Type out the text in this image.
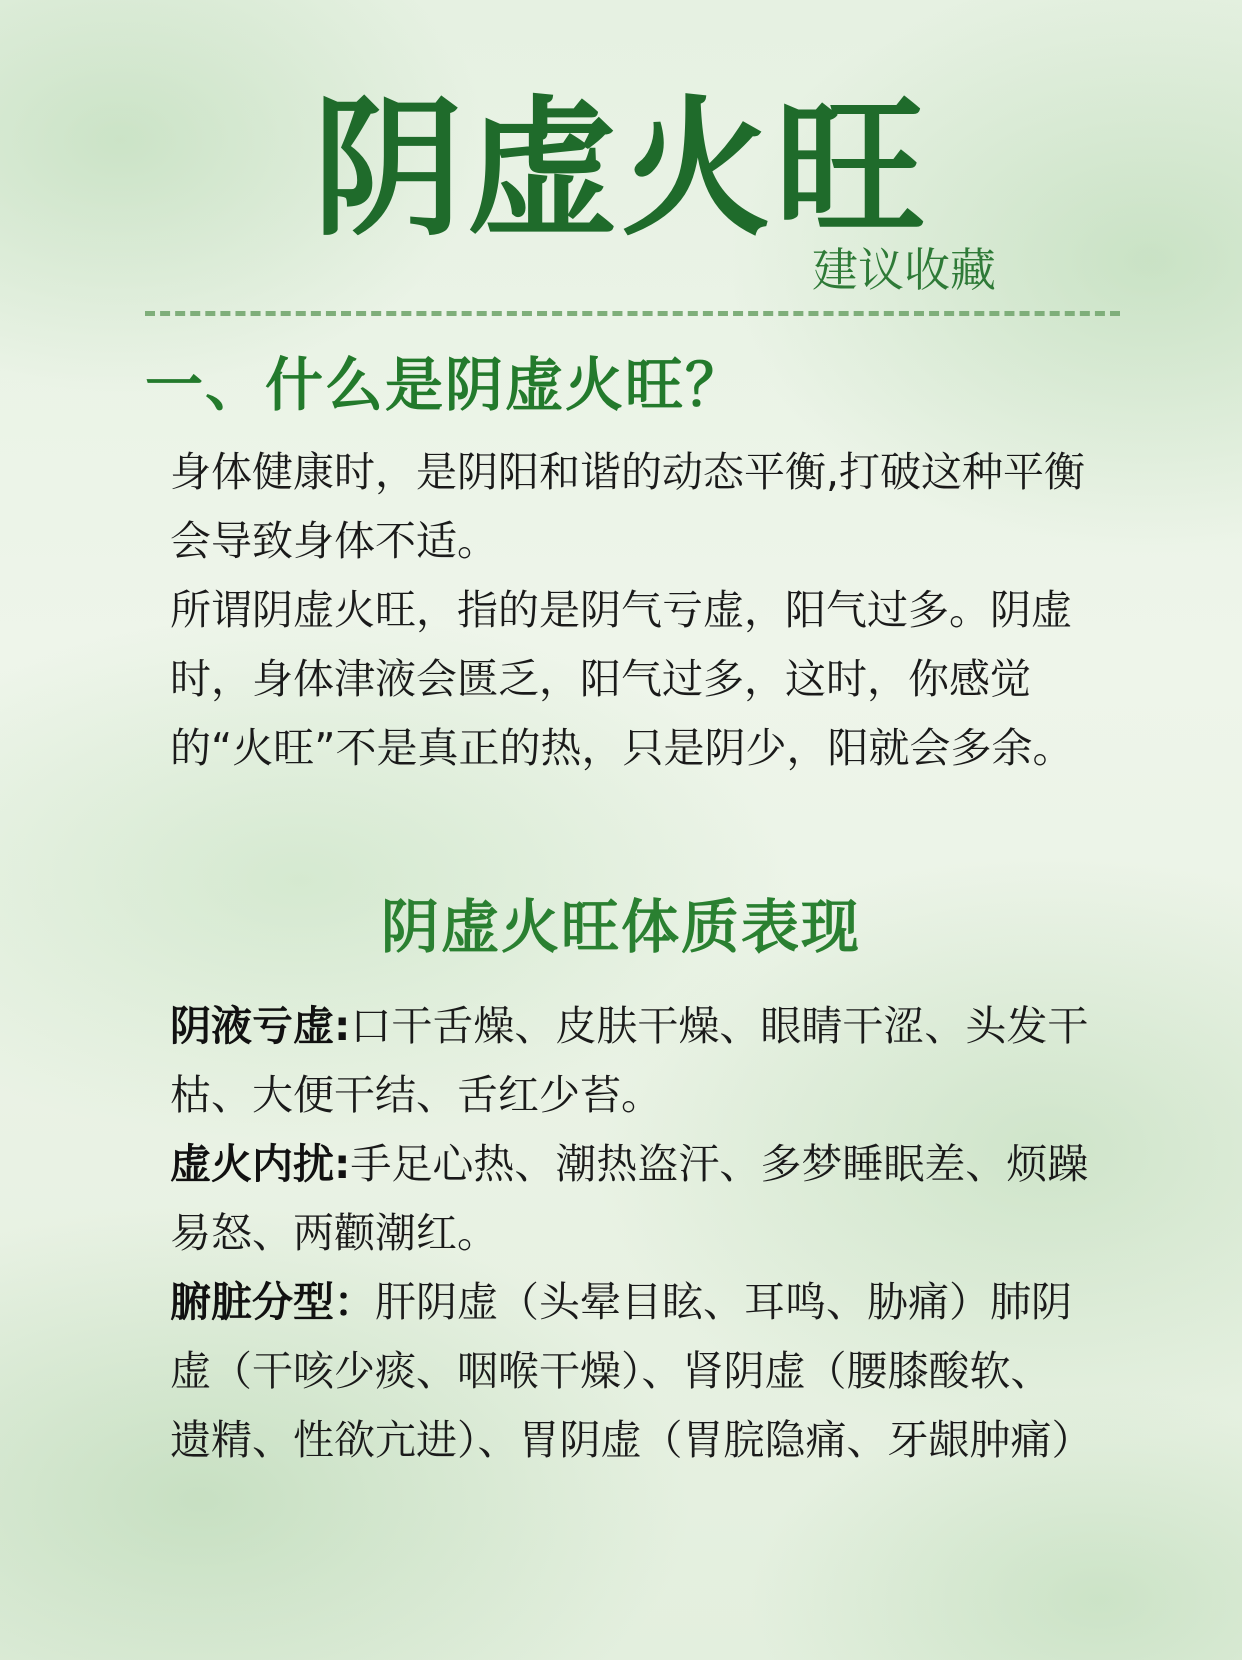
阴虚火旺
建议收藏
一、什么是阴虚火旺？

身体健康时，是阴阳和谐的动态平衡,打破这种平衡会导致身体不适。

所谓阴虚火旺，指的是阴气亏虚，阳气过多。阴虚时，身体津液会匮乏，阳气过多，这时，你感觉的“火旺”不是真正的热，只是阴少，阳就会多余。

阴虚火旺体质表现

阴液亏虚:口干舌燥、皮肤干燥、眼睛干涩、头发干枯、大便干结、舌红少苔。

虚火内扰:手足心热、潮热盗汗、多梦睡眠差、烦躁易怒、两颧潮红。

腑脏分型：肝阴虚（头晕目眩、耳鸣、胁痛）肺阴虚（干咳少痰、咽喉干燥）、肾阴虚（腰膝酸软、遗精、性欲亢进）、胃阴虚（胃脘隐痛、牙龈肿痛）
